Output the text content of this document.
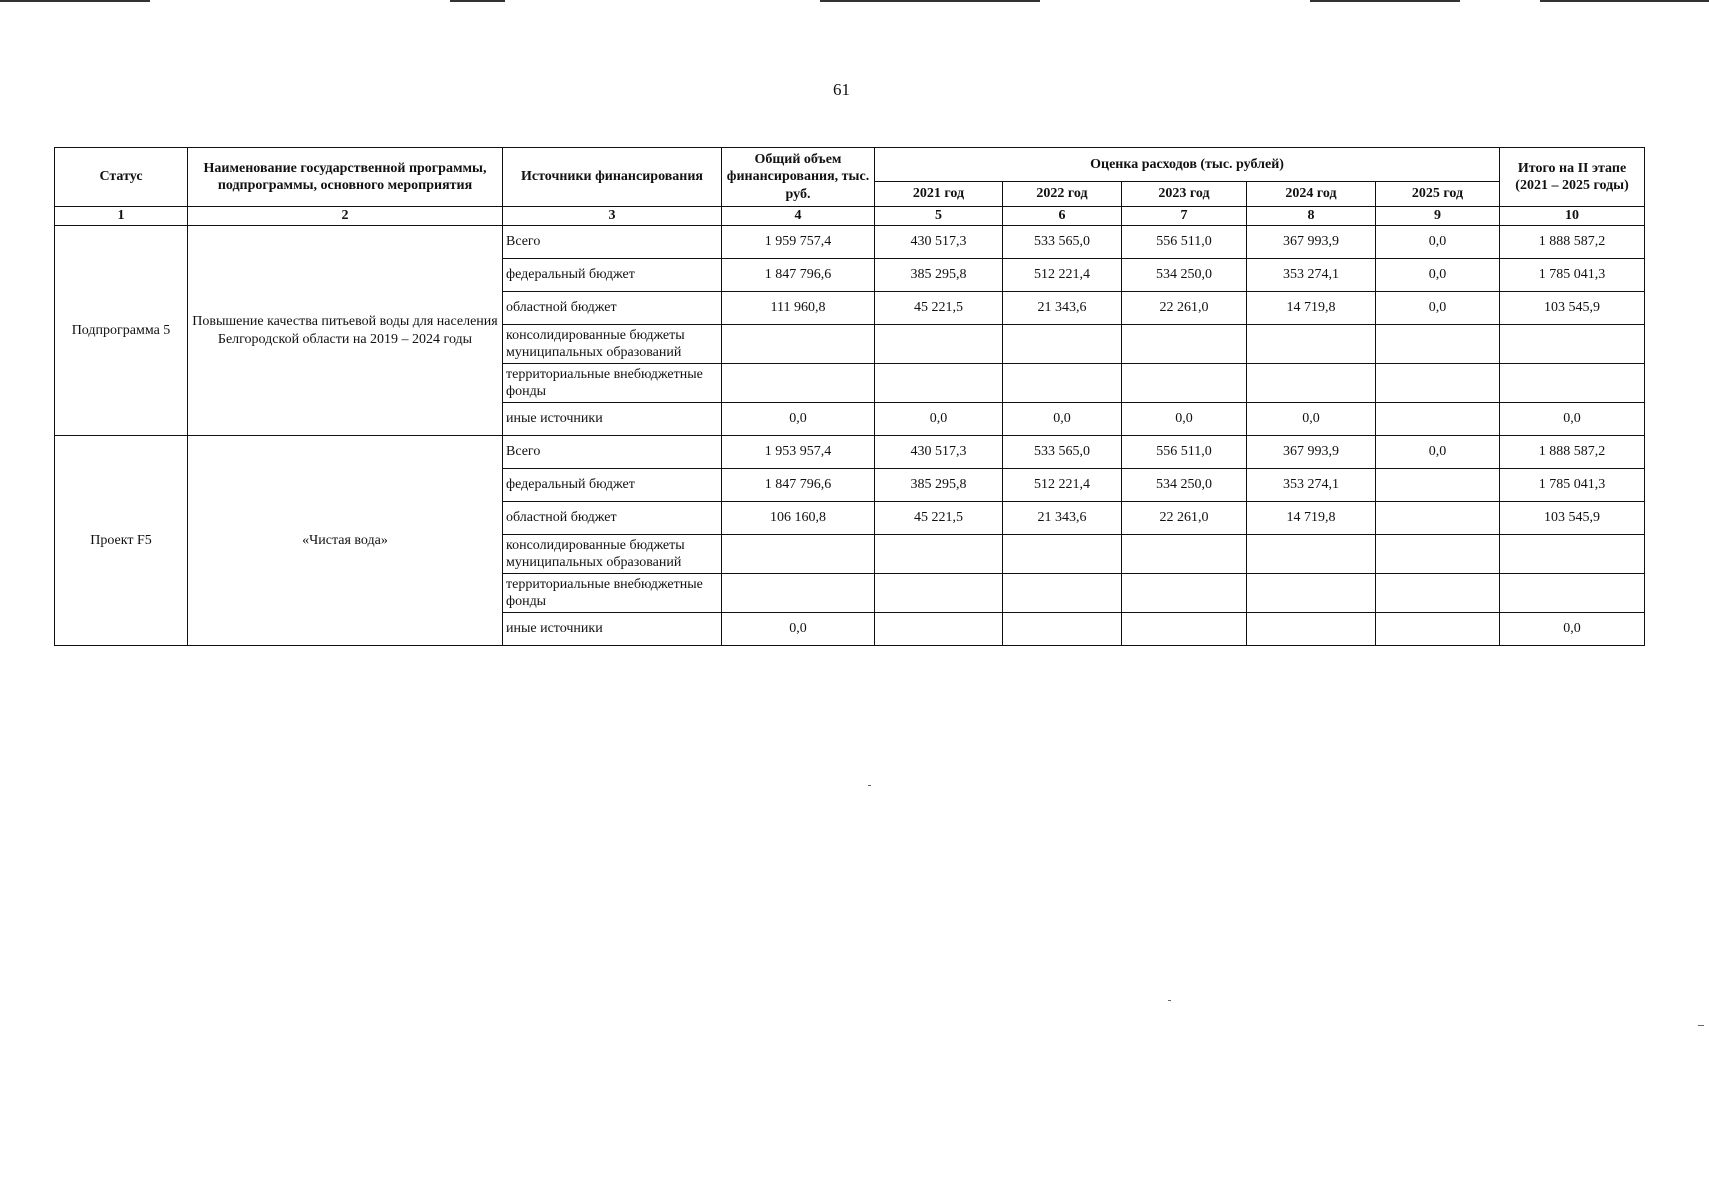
61
Статус	Наименование государственной программы, подпрограммы, основного мероприятия	Источники финансирования	Общий объем финансирования, тыс. руб.	Оценка расходов (тыс. рублей)					Итого на II этапе (2021 – 2025 годы)
				2021 год	2022 год	2023 год	2024 год	2025 год	
1	2	3	4	5	6	7	8	9	10
Подпрограмма 5	Повышение качества питьевой воды для населения Белгородской области на 2019 – 2024 годы	Всего	1 959 757,4	430 517,3	533 565,0	556 511,0	367 993,9	0,0	1 888 587,2
		федеральный бюджет	1 847 796,6	385 295,8	512 221,4	534 250,0	353 274,1	0,0	1 785 041,3
		областной бюджет	111 960,8	45 221,5	21 343,6	22 261,0	14 719,8	0,0	103 545,9
		консолидированные бюджеты муниципальных образований							
		территориальные внебюджетные фонды							
		иные источники	0,0	0,0	0,0	0,0	0,0		0,0
Проект F5	«Чистая вода»	Всего	1 953 957,4	430 517,3	533 565,0	556 511,0	367 993,9	0,0	1 888 587,2
		федеральный бюджет	1 847 796,6	385 295,8	512 221,4	534 250,0	353 274,1		1 785 041,3
		областной бюджет	106 160,8	45 221,5	21 343,6	22 261,0	14 719,8		103 545,9
		консолидированные бюджеты муниципальных образований							
		территориальные внебюджетные фонды							
		иные источники	0,0						0,0
